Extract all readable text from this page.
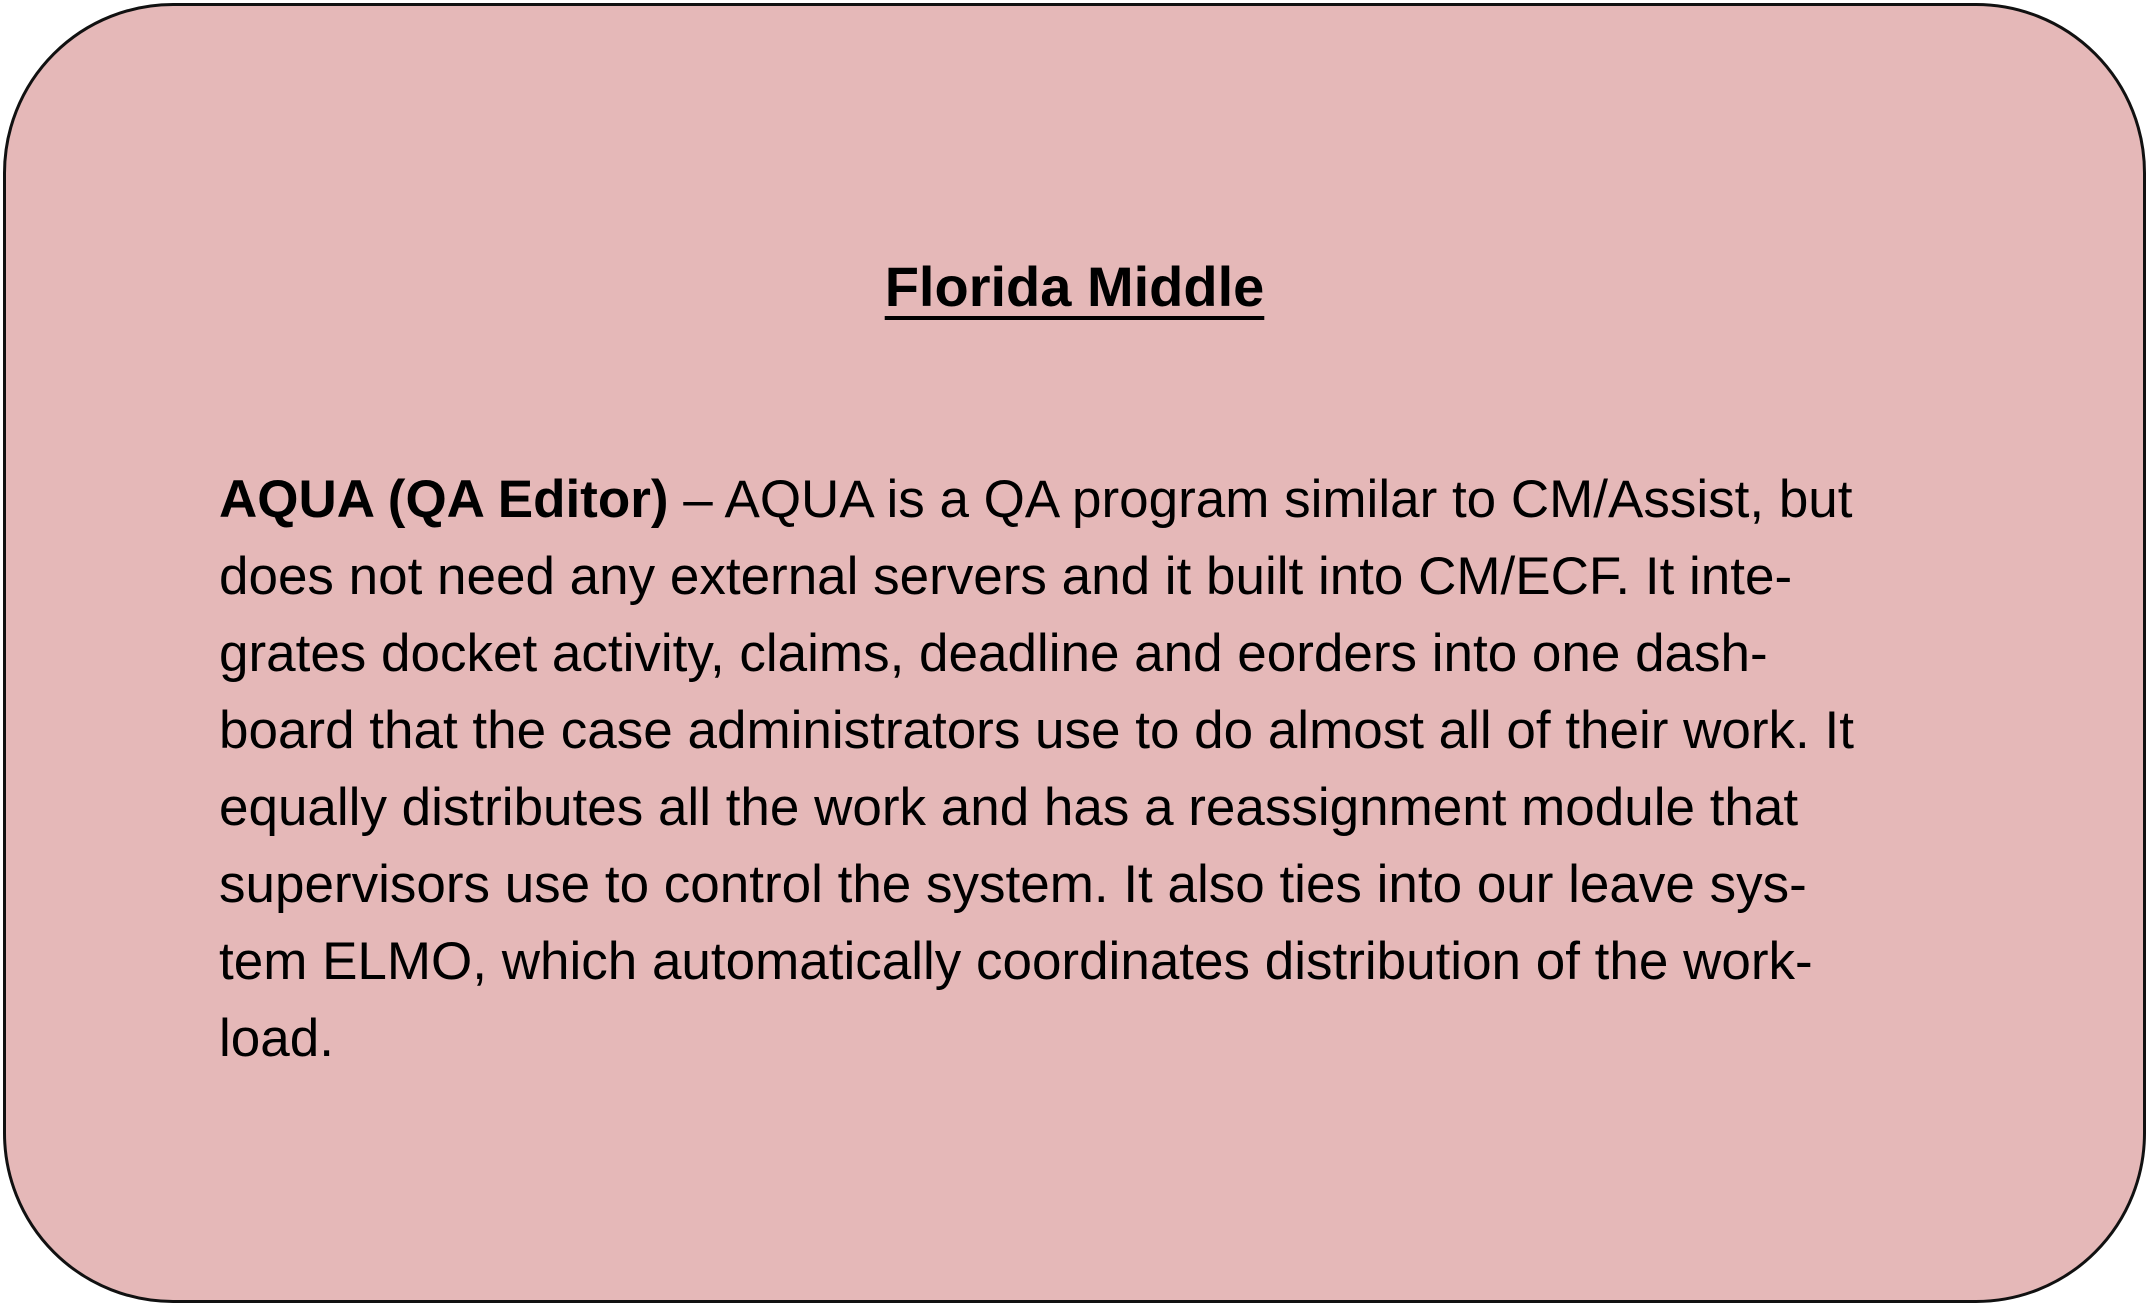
Florida Middle
AQUA (QA Editor) – AQUA is a QA program similar to CM/Assist, but
does not need any external servers and it built into CM/ECF. It inte-
grates docket activity, claims, deadline and eorders into one dash-
board that the case administrators use to do almost all of their work. It
equally distributes all the work and has a reassignment module that
supervisors use to control the system. It also ties into our leave sys-
tem ELMO, which automatically coordinates distribution of the work-
load.
